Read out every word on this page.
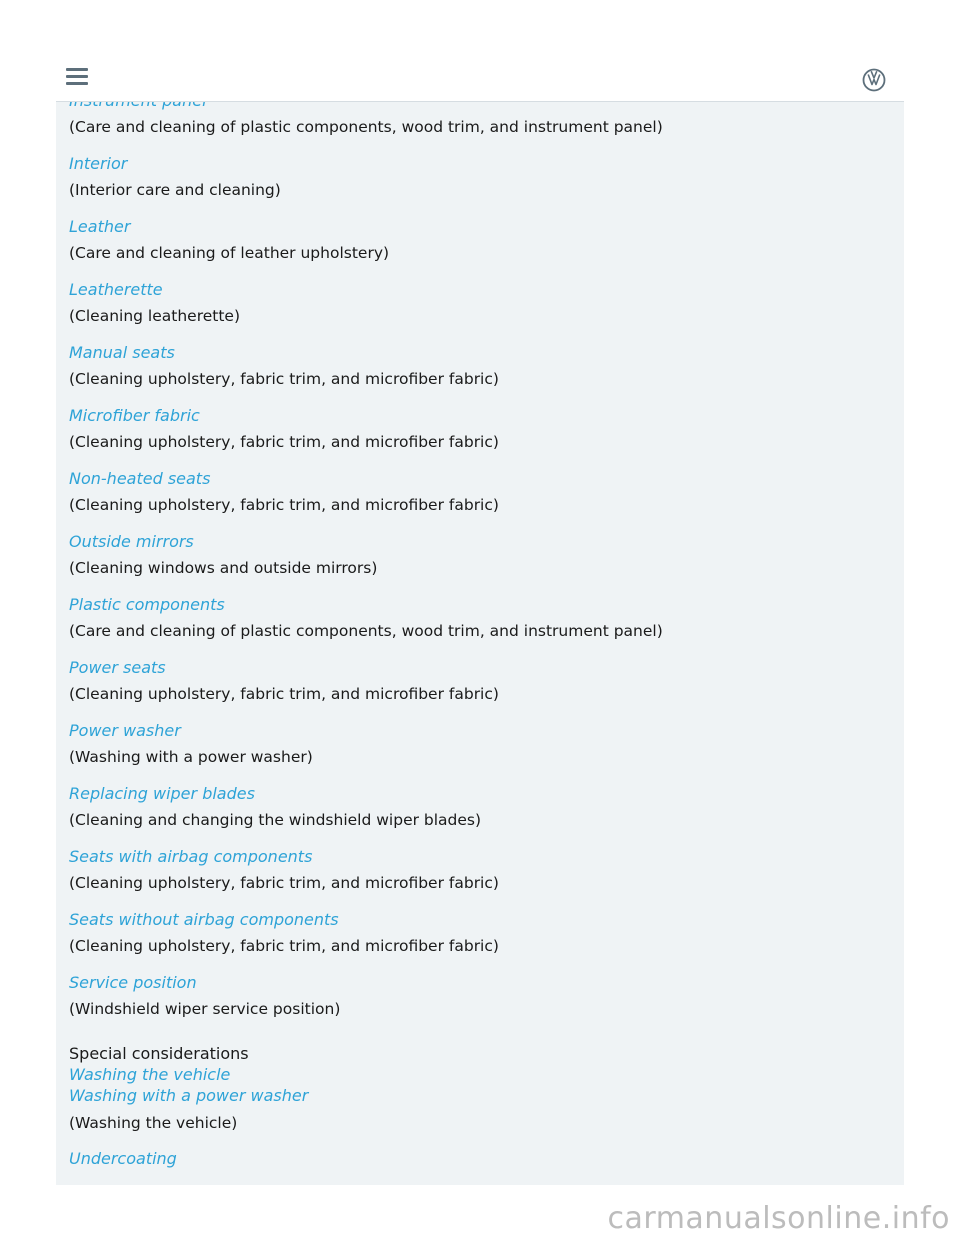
(Care and cleaning of plastic components, wood trim, and instrument panel)
Interior
(Interior care and cleaning)
Leather
(Care and cleaning of leather upholstery)
Leatherette
(Cleaning leatherette)
Manual seats
(Cleaning upholstery, fabric trim, and microfiber fabric)
Microfiber fabric
(Cleaning upholstery, fabric trim, and microfiber fabric)
Non-heated seats
(Cleaning upholstery, fabric trim, and microfiber fabric)
Outside mirrors
(Cleaning windows and outside mirrors)
Plastic components
(Care and cleaning of plastic components, wood trim, and instrument panel)
Power seats
(Cleaning upholstery, fabric trim, and microfiber fabric)
Power washer
(Washing with a power washer)
Replacing wiper blades
(Cleaning and changing the windshield wiper blades)
Seats with airbag components
(Cleaning upholstery, fabric trim, and microfiber fabric)
Seats without airbag components
(Cleaning upholstery, fabric trim, and microfiber fabric)
Service position
(Windshield wiper service position)
Special considerations
Washing the vehicle
Washing with a power washer
(Washing the vehicle)
Undercoating
carmanualsonline.info
